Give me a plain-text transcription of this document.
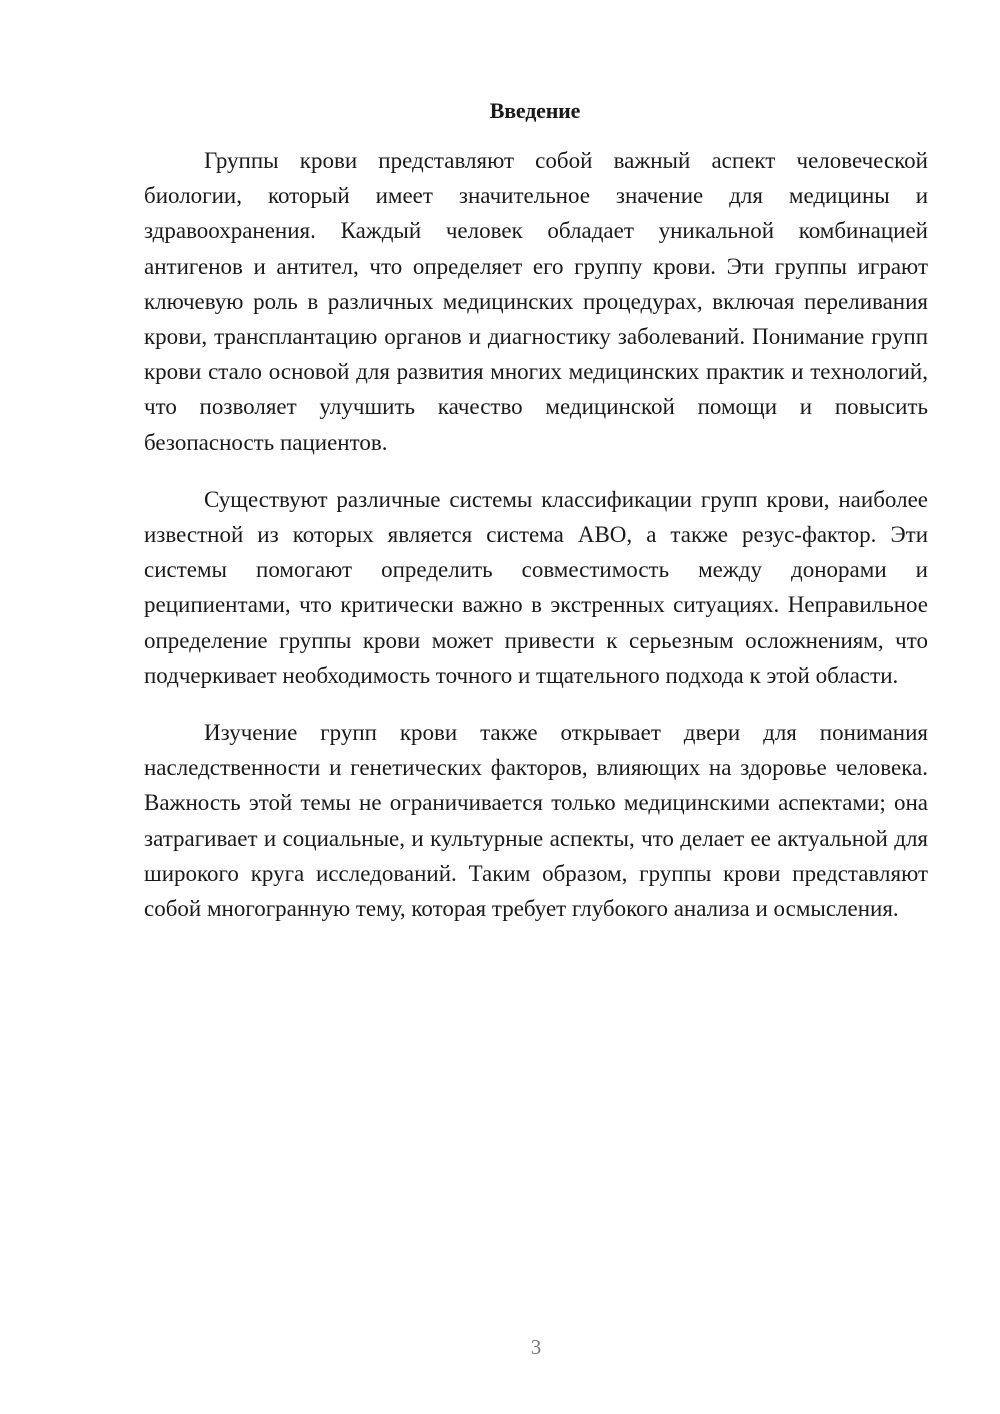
Введение

Группы крови представляют собой важный аспект человеческой биологии, который имеет значительное значение для медицины и здравоохранения. Каждый человек обладает уникальной комбинацией антигенов и антител, что определяет его группу крови. Эти группы играют ключевую роль в различных медицинских процедурах, включая переливания крови, трансплантацию органов и диагностику заболеваний. Понимание групп крови стало основой для развития многих медицинских практик и технологий, что позволяет улучшить качество медицинской помощи и повысить безопасность пациентов.

Существуют различные системы классификации групп крови, наиболее известной из которых является система ABO, а также резус-фактор. Эти системы помогают определить совместимость между донорами и реципиентами, что критически важно в экстренных ситуациях. Неправильное определение группы крови может привести к серьезным осложнениям, что подчеркивает необходимость точного и тщательного подхода к этой области.

Изучение групп крови также открывает двери для понимания наследственности и генетических факторов, влияющих на здоровье человека. Важность этой темы не ограничивается только медицинскими аспектами; она затрагивает и социальные, и культурные аспекты, что делает ее актуальной для широкого круга исследований. Таким образом, группы крови представляют собой многогранную тему, которая требует глубокого анализа и осмысления.

3
